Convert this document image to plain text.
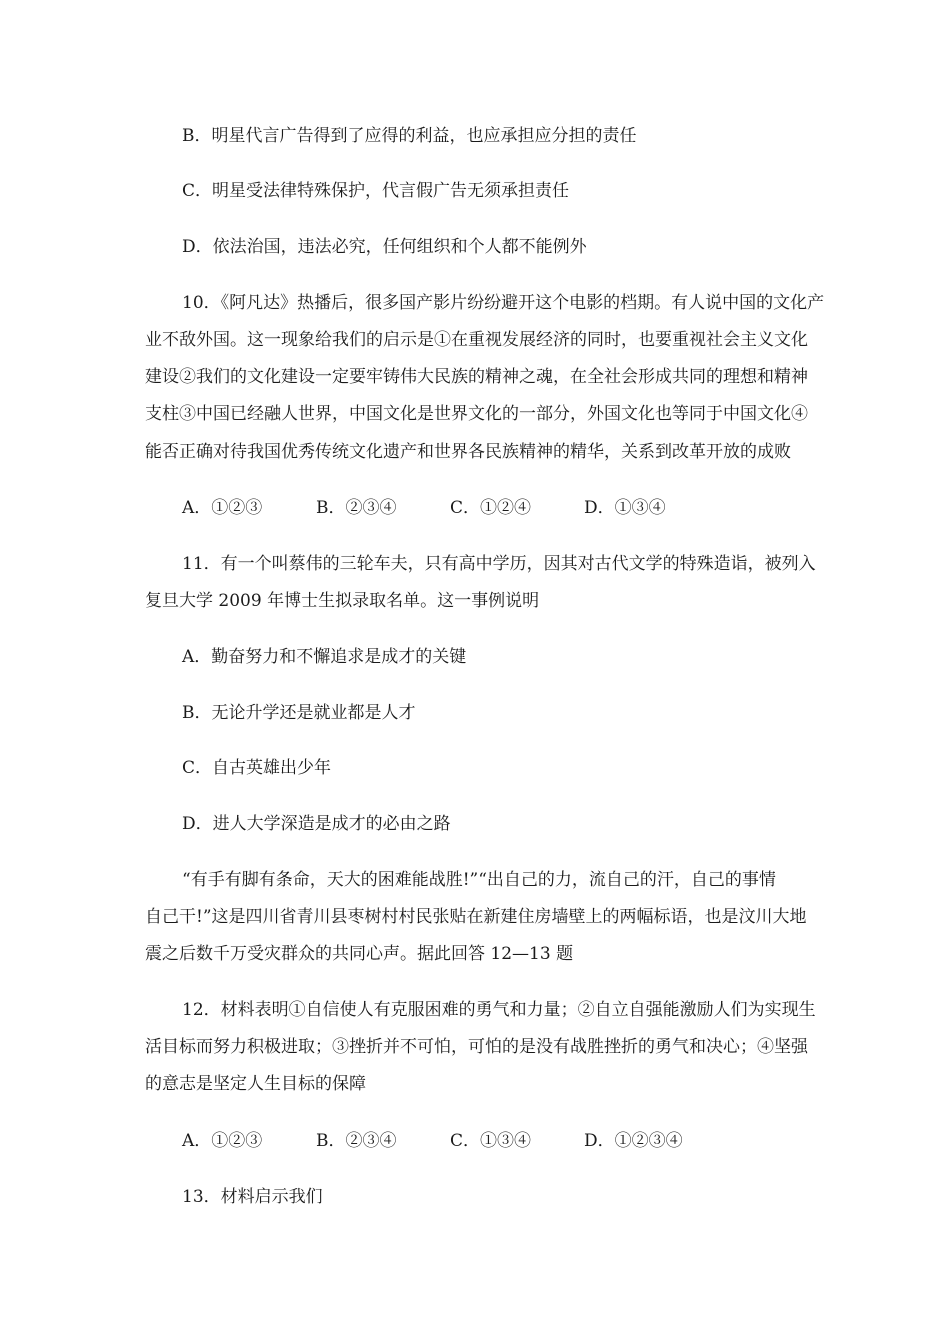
B．明星代言广告得到了应得的利益，也应承担应分担的责任
C．明星受法律特殊保护，代言假广告无须承担责任
D．依法治国，违法必究，任何组织和个人都不能例外
10．《阿凡达》热播后，很多国产影片纷纷避开这个电影的档期。有人说中国的文化产
业不敌外国。这一现象给我们的启示是①在重视发展经济的同时，也要重视社会主义文化
建设②我们的文化建设一定要牢铸伟大民族的精神之魂，在全社会形成共同的理想和精神
支柱③中国已经融人世界，中国文化是世界文化的一部分，外国文化也等同于中国文化④
能否正确对待我国优秀传统文化遗产和世界各民族精神的精华，关系到改革开放的成败
A．①②③	B．②③④	C．①②④	D．①③④
11．有一个叫蔡伟的三轮车夫，只有高中学历，因其对古代文学的特殊造诣，被列入
复旦大学 2009 年博士生拟录取名单。这一事例说明
A．勤奋努力和不懈追求是成才的关键
B．无论升学还是就业都是人才
C．自古英雄出少年
D．进人大学深造是成才的必由之路
“有手有脚有条命，天大的困难能战胜!”“出自己的力，流自己的汗，自己的事情
自己干!”这是四川省青川县枣树村村民张贴在新建住房墙壁上的两幅标语，也是汶川大地
震之后数千万受灾群众的共同心声。据此回答 12—13 题
12．材料表明①自信使人有克服困难的勇气和力量；②自立自强能激励人们为实现生
活目标而努力积极进取；③挫折并不可怕，可怕的是没有战胜挫折的勇气和决心；④坚强
的意志是坚定人生目标的保障
A．①②③	B．②③④	C．①③④	D．①②③④
13．材料启示我们
